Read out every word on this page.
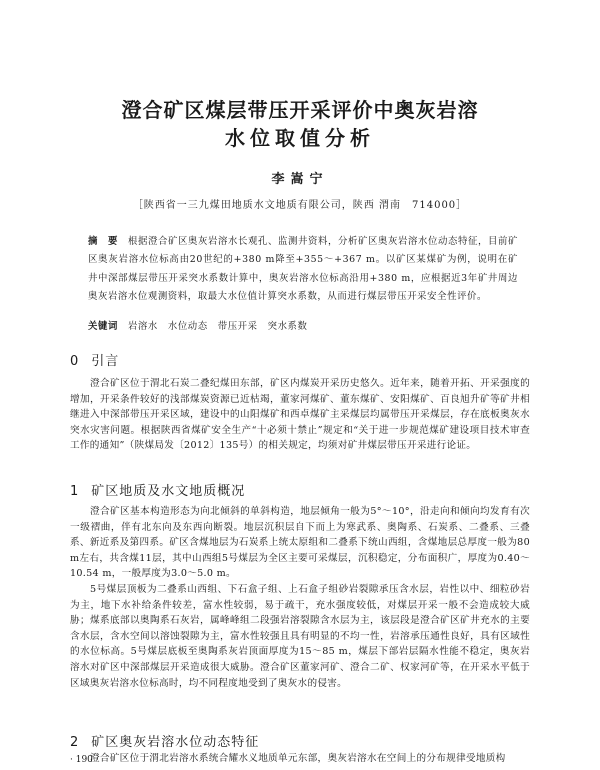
澄合矿区煤层带压开采评价中奥灰岩溶
水位取值分析
李嵩宁
［陕西省一三九煤田地质水文地质有限公司，陕西 渭南　714000］
摘　要 根据澄合矿区奥灰岩溶水长观孔、监测井资料，分析矿区奥灰岩溶水位动态特征，目前矿区奥灰岩溶水位标高由20世纪的+380 m降至+355～+367 m。以矿区某煤矿为例，说明在矿井中深部煤层带压开采突水系数计算中，奥灰岩溶水位标高沿用+380 m，应根据近3年矿井周边奥灰岩溶水位观测资料，取最大水位值计算突水系数，从而进行煤层带压开采安全性评价。
关键词 岩溶水　水位动态　带压开采　突水系数
0 引言
澄合矿区位于渭北石炭二叠纪煤田东部，矿区内煤炭开采历史悠久。近年来，随着开拓、开采强度的增加，开采条件较好的浅部煤炭资源已近枯竭，董家河煤矿、董东煤矿、安阳煤矿、百良旭升矿等矿井相继进入中深部带压开采区域，建设中的山阳煤矿和西卓煤矿主采煤层均属带压开采煤层，存在底板奥灰水突水灾害问题。根据陕西省煤矿安全生产“十必须十禁止”规定和“关于进一步规范煤矿建设项目技术审查工作的通知”（陕煤局发〔2012〕135号）的相关规定，均须对矿井煤层带压开采进行论证。
1 矿区地质及水文地质概况
澄合矿区基本构造形态为向北倾斜的单斜构造，地层倾角一般为5°～10°，沿走向和倾向均发育有次一级褶曲，伴有北东向及东西向断裂。地层沉积层自下而上为寒武系、奥陶系、石炭系、二叠系、三叠系、新近系及第四系。矿区含煤地层为石炭系上统太原组和二叠系下统山西组，含煤地层总厚度一般为80 m左右，共含煤11层，其中山西组5号煤层为全区主要可采煤层，沉积稳定，分布面积广，厚度为0.40～10.54 m，一般厚度为3.0～5.0 m。
5号煤层顶板为二叠系山西组、下石盒子组、上石盒子组砂岩裂隙承压含水层，岩性以中、细粒砂岩为主，地下水补给条件较差，富水性较弱，易于疏干，充水强度较低，对煤层开采一般不会造成较大威胁；煤系底部以奥陶系石灰岩，属峰峰组二段强岩溶裂隙含水层为主，该层段是澄合矿区矿井充水的主要含水层，含水空间以溶蚀裂隙为主，富水性较强且具有明显的不均一性，岩溶承压通性良好，具有区域性的水位标高。5号煤层底板至奥陶系灰岩顶面厚度为15～85 m，煤层下部岩层隔水性能不稳定，奥灰岩溶水对矿区中深部煤层开采造成很大威胁。澄合矿区董家河矿、澄合二矿、权家河矿等，在开采水平低于区域奥灰岩溶水位标高时，均不同程度地受到了奥灰水的侵害。
2 矿区奥灰岩溶水位动态特征
澄合矿区位于渭北岩溶水系统合耀水义地质单元东部，奥灰岩溶水在空间上的分布规律受地质构
· 190 ·
